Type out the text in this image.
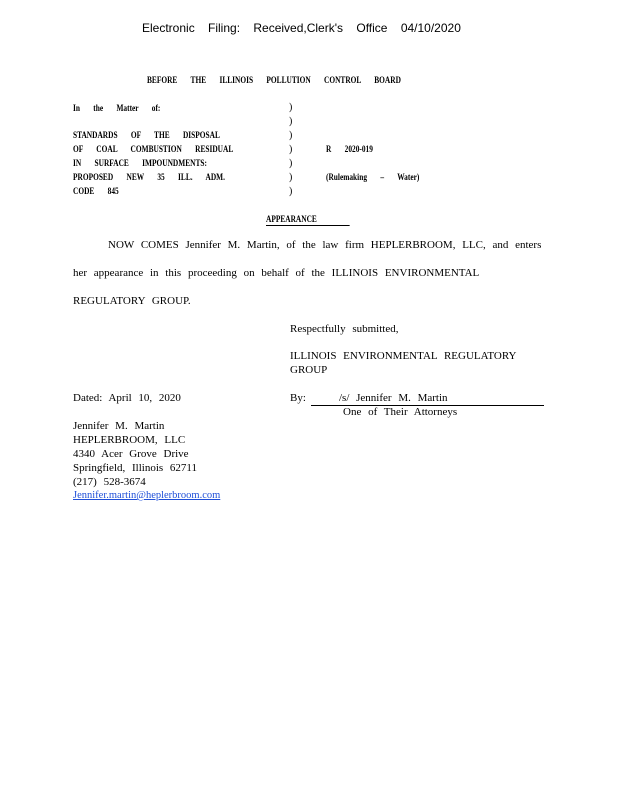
Electronic Filing: Received,Clerk's Office 04/10/2020
BEFORE THE ILLINOIS POLLUTION CONTROL BOARD
In the Matter of:
STANDARDS OF THE DISPOSAL
OF COAL COMBUSTION RESIDUAL
IN SURFACE IMPOUNDMENTS:
PROPOSED NEW 35 ILL. ADM.
CODE 845
)
)
)
)
)
)
)
R 2020-019
(Rulemaking – Water)
APPEARANCE
NOW COMES Jennifer M. Martin, of the law firm HEPLERBROOM, LLC, and enters
her appearance in this proceeding on behalf of the ILLINOIS ENVIRONMENTAL
REGULATORY GROUP.
Respectfully submitted,
ILLINOIS ENVIRONMENTAL REGULATORY
GROUP
Dated: April 10, 2020	By:	/s/ Jennifer M. Martin
One of Their Attorneys
Jennifer M. Martin
HEPLERBROOM, LLC
4340 Acer Grove Drive
Springfield, Illinois 62711
(217) 528-3674
Jennifer.martin@heplerbroom.com
